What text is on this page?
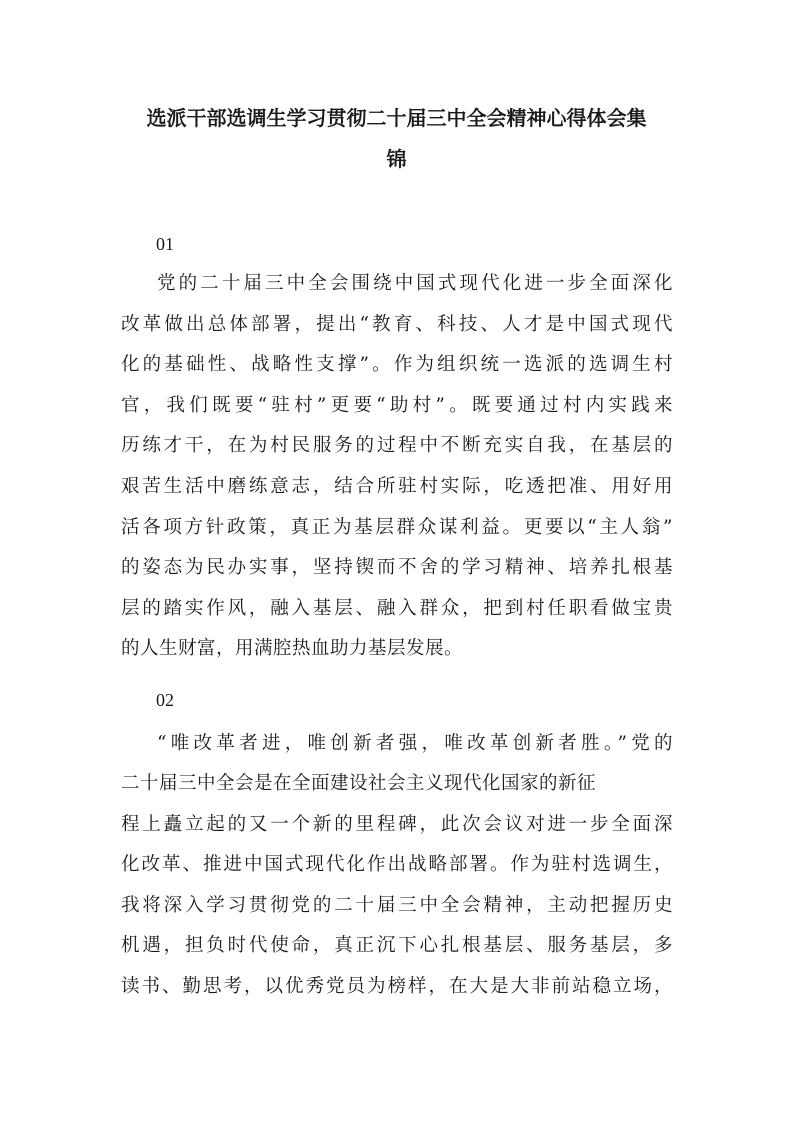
选派干部选调生学习贯彻二十届三中全会精神心得体会集
锦
01
党的二十届三中全会围绕中国式现代化进一步全面深化
改革做出总体部署，提出“教育、科技、人才是中国式现代
化的基础性、战略性支撑”。作为组织统一选派的选调生村
官，我们既要“驻村”更要“助村”。既要通过村内实践来
历练才干，在为村民服务的过程中不断充实自我，在基层的
艰苦生活中磨练意志，结合所驻村实际，吃透把准、用好用
活各项方针政策，真正为基层群众谋利益。更要以“主人翁”
的姿态为民办实事，坚持锲而不舍的学习精神、培养扎根基
层的踏实作风，融入基层、融入群众，把到村任职看做宝贵
的人生财富，用满腔热血助力基层发展。
02
“唯改革者进，唯创新者强，唯改革创新者胜。”党的
二十届三中全会是在全面建设社会主义现代化国家的新征
程上矗立起的又一个新的里程碑，此次会议对进一步全面深
化改革、推进中国式现代化作出战略部署。作为驻村选调生，
我将深入学习贯彻党的二十届三中全会精神，主动把握历史
机遇，担负时代使命，真正沉下心扎根基层、服务基层，多
读书、勤思考，以优秀党员为榜样，在大是大非前站稳立场，
